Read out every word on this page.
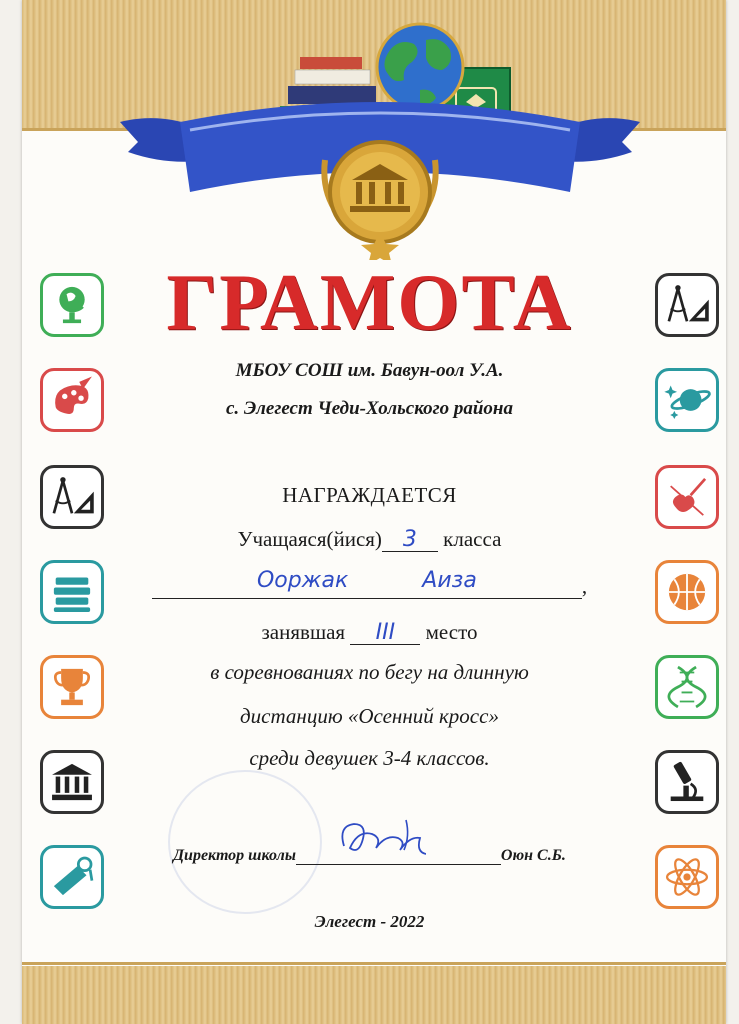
ГРАМОТА
МБОУ СОШ им. Бавун-оол У.А.
с. Элегест Чеди-Хольского района
НАГРАЖДАЕТСЯ
Учащаяся(йися) 3 класса
Ооржак	Аиза	,
занявшая III место
в соревнованиях по бегу на длинную
дистанцию «Осенний кросс»
среди девушек 3-4 классов.
Директор школы	Оюн С.Б.
Элегест - 2022
